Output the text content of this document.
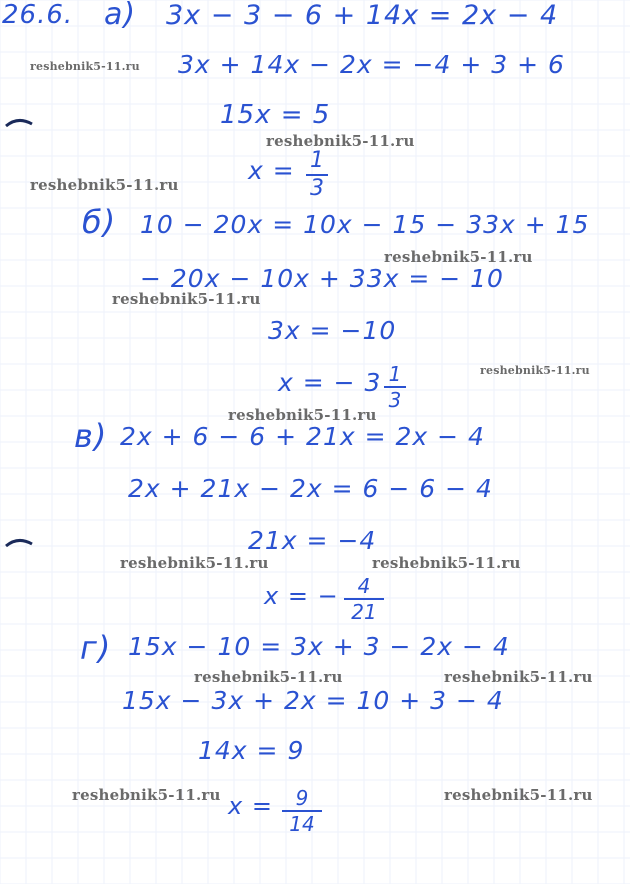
26.6. а) 3x − 3 − 6 + 14x = 2x − 4
3x + 14x − 2x = −4 + 3 + 6
15x = 5
x = 1
3
б) 10 − 20x = 10x − 15 − 33x + 15
− 20x − 10x + 33x = − 10
3x = −10
x = − 3 1
3
в) 2x + 6 − 6 + 21x = 2x − 4
2x + 21x − 2x = 6 − 6 − 4
21x = −4
x = − 4
21
г) 15x − 10 = 3x + 3 − 2x − 4
15x − 3x + 2x = 10 + 3 − 4
14x = 9
x =	9
14
reshebnik5-11.ru
reshebnik5-11.ru
reshebnik5-11.ru
reshebnik5-11.ru
reshebnik5-11.ru
reshebnik5-11.ru
reshebnik5-11.ru
reshebnik5-11.ru	reshebnik5-11.ru
reshebnik5-11.ru	reshebnik5-11.ru
reshebnik5-11.ru	reshebnik5-11.ru
